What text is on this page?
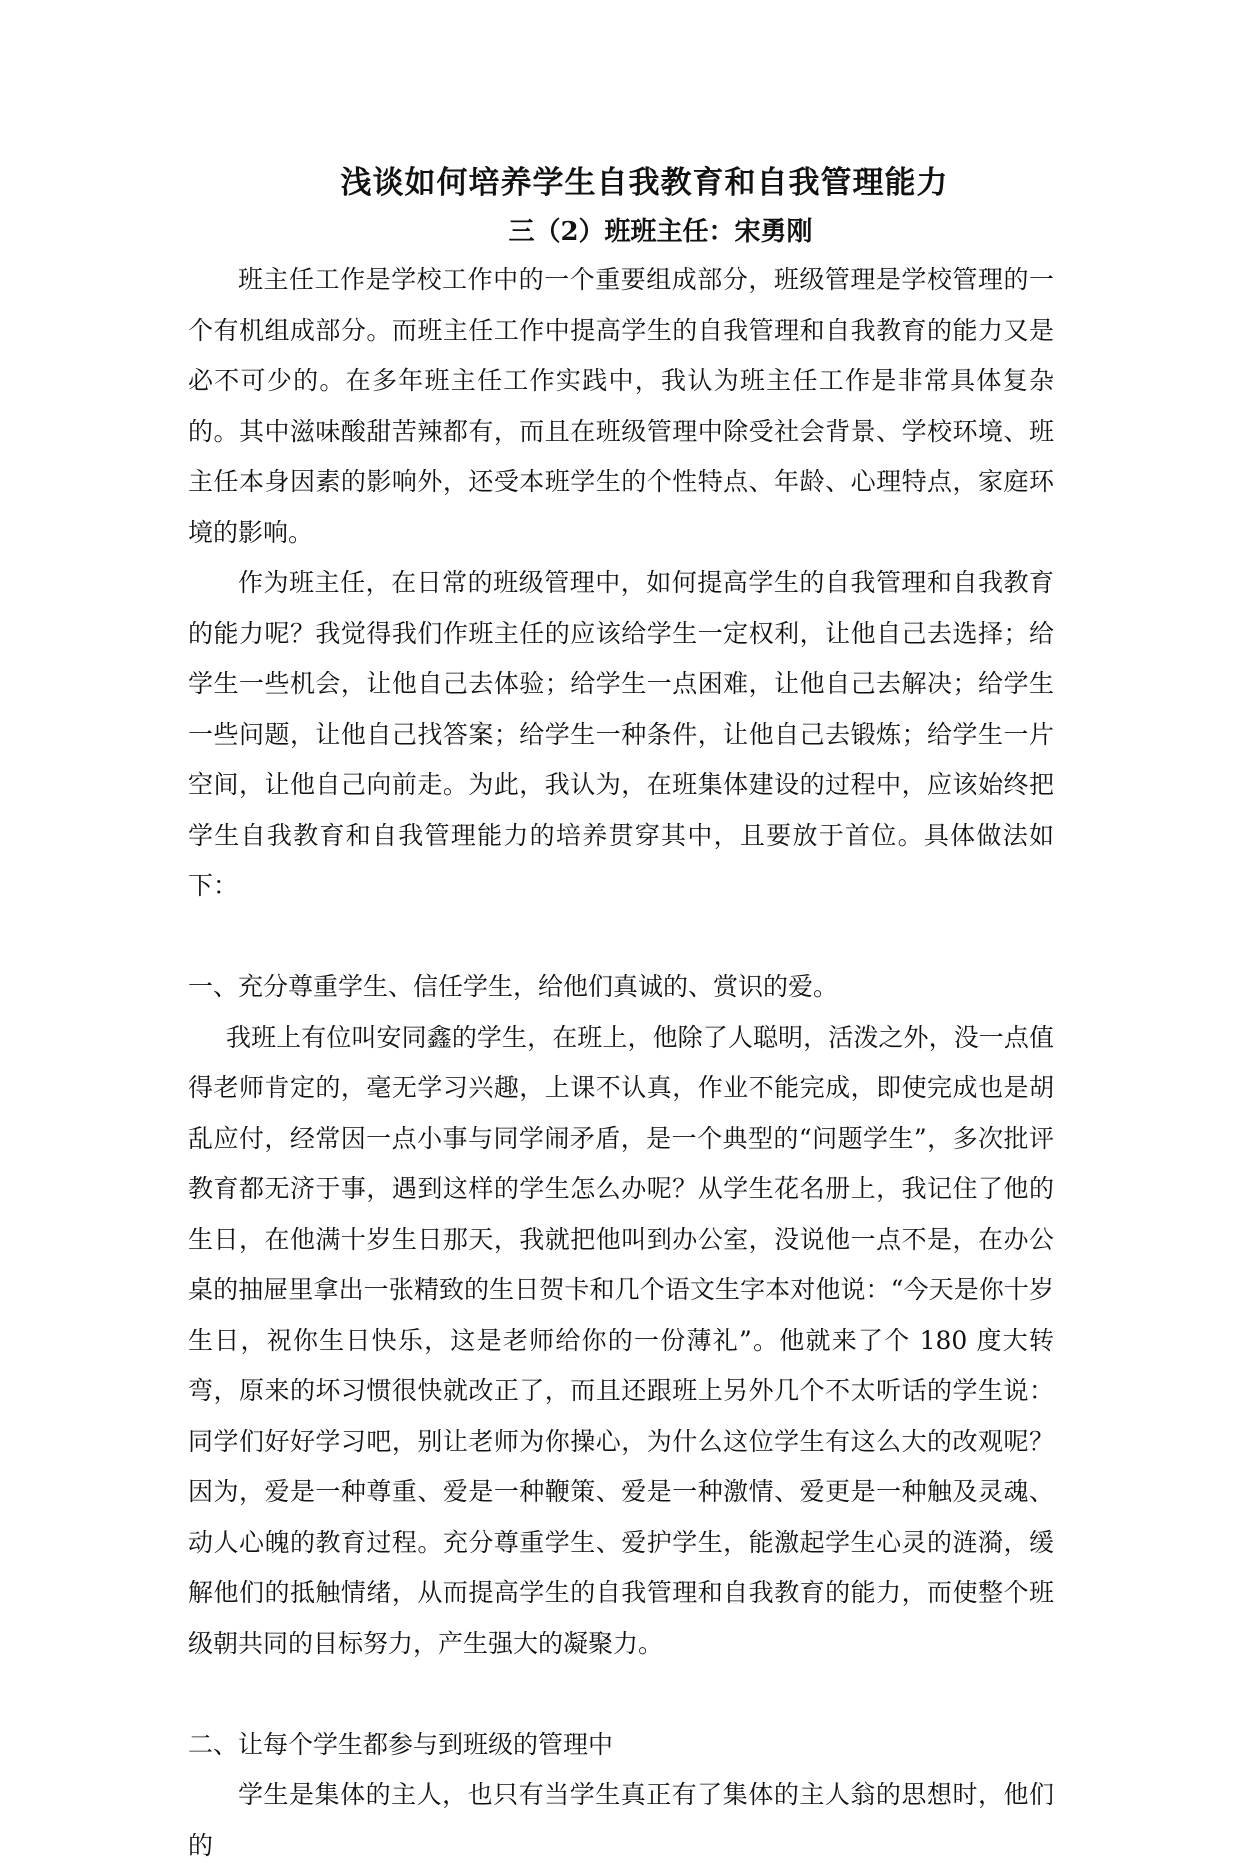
浅谈如何培养学生自我教育和自我管理能力
三（2）班班主任：宋勇刚

班主任工作是学校工作中的一个重要组成部分，班级管理是学校管理的一个有机组成部分。而班主任工作中提高学生的自我管理和自我教育的能力又是必不可少的。在多年班主任工作实践中，我认为班主任工作是非常具体复杂的。其中滋味酸甜苦辣都有，而且在班级管理中除受社会背景、学校环境、班主任本身因素的影响外，还受本班学生的个性特点、年龄、心理特点，家庭环境的影响。

作为班主任，在日常的班级管理中，如何提高学生的自我管理和自我教育的能力呢？我觉得我们作班主任的应该给学生一定权利，让他自己去选择；给学生一些机会，让他自己去体验；给学生一点困难，让他自己去解决；给学生一些问题，让他自己找答案；给学生一种条件，让他自己去锻炼；给学生一片空间，让他自己向前走。为此，我认为，在班集体建设的过程中，应该始终把学生自我教育和自我管理能力的培养贯穿其中，且要放于首位。具体做法如下：

一、充分尊重学生、信任学生，给他们真诚的、赏识的爱。

我班上有位叫安同鑫的学生，在班上，他除了人聪明，活泼之外，没一点值得老师肯定的，毫无学习兴趣，上课不认真，作业不能完成，即使完成也是胡乱应付，经常因一点小事与同学闹矛盾，是一个典型的“问题学生”，多次批评教育都无济于事，遇到这样的学生怎么办呢？从学生花名册上，我记住了他的生日，在他满十岁生日那天，我就把他叫到办公室，没说他一点不是，在办公桌的抽屉里拿出一张精致的生日贺卡和几个语文生字本对他说：“今天是你十岁生日，祝你生日快乐，这是老师给你的一份薄礼”。他就来了个 180 度大转弯，原来的坏习惯很快就改正了，而且还跟班上另外几个不太听话的学生说：同学们好好学习吧，别让老师为你操心，为什么这位学生有这么大的改观呢？因为，爱是一种尊重、爱是一种鞭策、爱是一种激情、爱更是一种触及灵魂、动人心魄的教育过程。充分尊重学生、爱护学生，能激起学生心灵的涟漪，缓解他们的抵触情绪，从而提高学生的自我管理和自我教育的能力，而使整个班级朝共同的目标努力，产生强大的凝聚力。

二、让每个学生都参与到班级的管理中

学生是集体的主人，也只有当学生真正有了集体的主人翁的思想时，他们的
